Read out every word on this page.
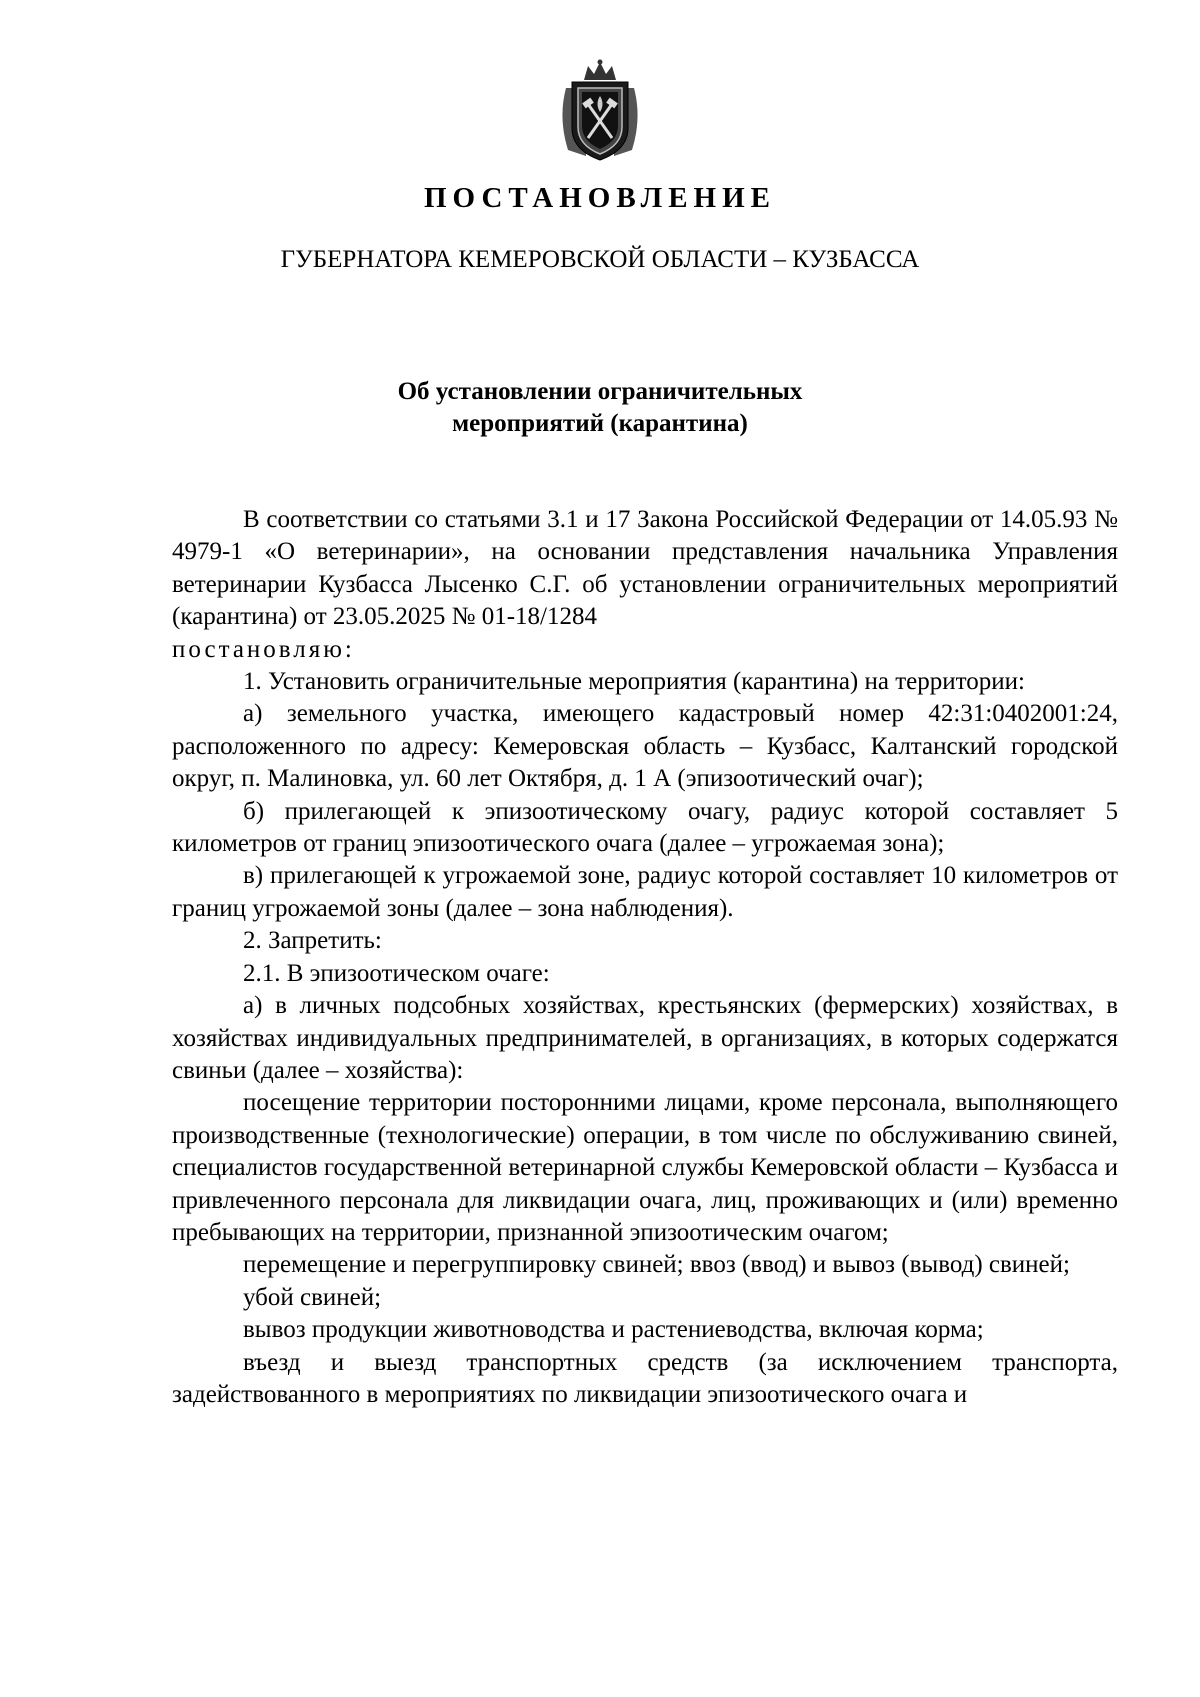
ПОСТАНОВЛЕНИЕ
ГУБЕРНАТОРА КЕМЕРОВСКОЙ ОБЛАСТИ – КУЗБАССА
Об установлении ограничительных
мероприятий (карантина)

В соответствии со статьями 3.1 и 17 Закона Российской Федерации от 14.05.93 № 4979-1 «О ветеринарии», на основании представления начальника Управления ветеринарии Кузбасса Лысенко С.Г. об установлении ограничительных мероприятий (карантина) от 23.05.2025 № 01-18/1284

постановляю:

1. Установить ограничительные мероприятия (карантина) на территории:

а) земельного участка, имеющего кадастровый номер 42:31:0402001:24, расположенного по адресу: Кемеровская область – Кузбасс, Калтанский городской округ, п. Малиновка, ул. 60 лет Октября, д. 1 А (эпизоотический очаг);

б) прилегающей к эпизоотическому очагу, радиус которой составляет 5 километров от границ эпизоотического очага (далее – угрожаемая зона);

в) прилегающей к угрожаемой зоне, радиус которой составляет 10 километров от границ угрожаемой зоны (далее – зона наблюдения).

2. Запретить:

2.1. В эпизоотическом очаге:

а) в личных подсобных хозяйствах, крестьянских (фермерских) хозяйствах, в хозяйствах индивидуальных предпринимателей, в организациях, в которых содержатся свиньи (далее – хозяйства):

посещение территории посторонними лицами, кроме персонала, выполняющего производственные (технологические) операции, в том числе по обслуживанию свиней, специалистов государственной ветеринарной службы Кемеровской области – Кузбасса и привлеченного персонала для ликвидации очага, лиц, проживающих и (или) временно пребывающих на территории, признанной эпизоотическим очагом;

перемещение и перегруппировку свиней; ввоз (ввод) и вывоз (вывод) свиней;

убой свиней;

вывоз продукции животноводства и растениеводства, включая корма;

въезд и выезд транспортных средств (за исключением транспорта, задействованного в мероприятиях по ликвидации эпизоотического очага и
